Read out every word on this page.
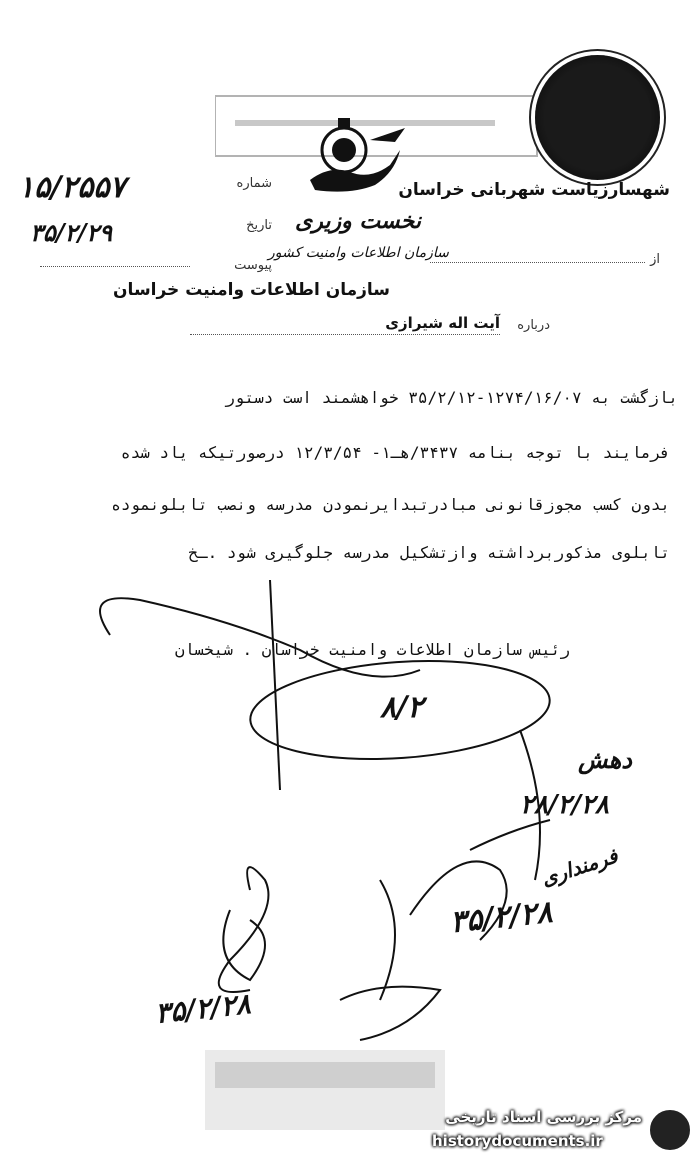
شماره
تاریخ
پیوست	از
۱۵/۲۵۵۷
۳۵/۲/۲۹
شهسارزیاست شهربانی خراسان
نخست وزیری
سازمان اطلاعات وامنیت کشور
سازمان اطلاعات وامنیت خراسان
درباره
آیت اله شیرازی
بازگشت به ۱۲۷۴/۱۶/۰۷-۳۵/۲/۱۲ خواهشمند است دستور
فرمایند با توجه بنامه ۳۴۳۷/هـ۱- ۱۲/۳/۵۴ درصورتیکه یاد شده
بدون کسب مجوزقانونی مبادرتبدایرنمودن مدرسه ونصب تابلونموده
تابلوی مذکوربرداشته وازتشکیل مدرسه جلوگیری شود .ـخ
رئیس سازمان اطلاعات وامنیت خراسان . شیخسان
۸/۲
دهش
۲۸/۲/۲۸
فرمنداری
۳۵/۲/۲۸
۳۵/۲/۲۸
مرکز بررسی اسناد تاریخی
historydocuments.ir
